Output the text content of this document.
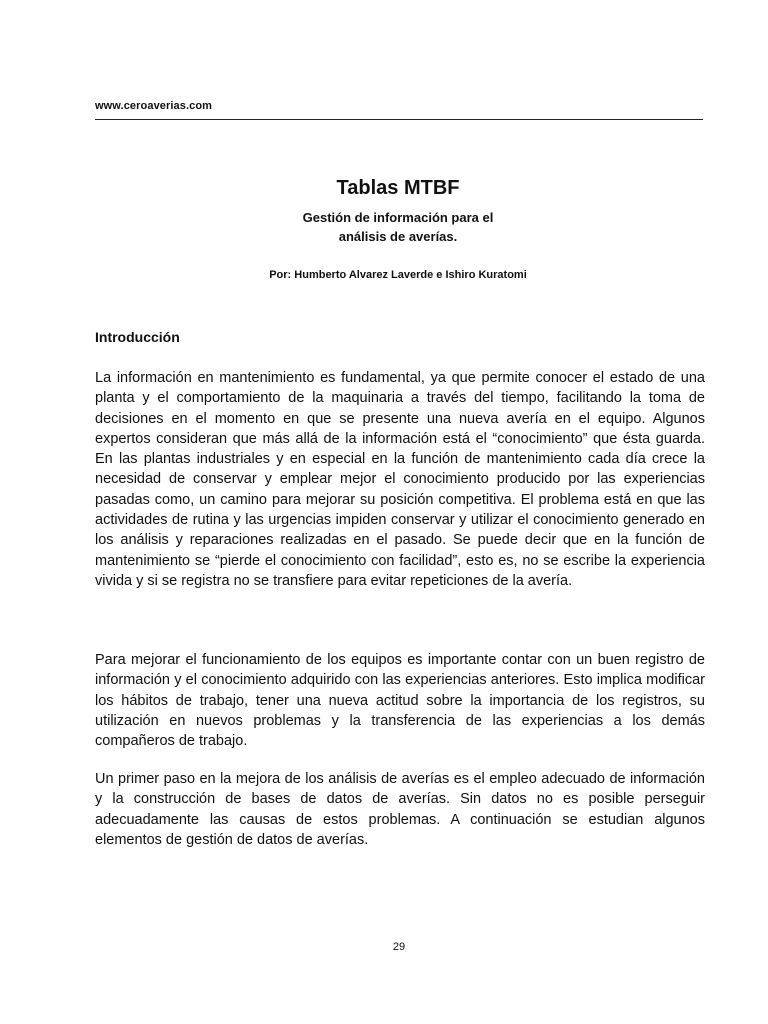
www.ceroaverias.com
Tablas MTBF
Gestión de información para el
análisis de averías.
Por: Humberto Alvarez Laverde e Ishiro Kuratomi
Introducción

La información en mantenimiento es fundamental, ya que permite conocer el estado de una planta y el comportamiento de la maquinaria a través del tiempo, facilitando la toma de decisiones en el momento en que se presente una nueva avería en el equipo. Algunos expertos consideran que más allá de la información está el “conocimiento” que ésta guarda. En las plantas industriales y en especial en la función de mantenimiento cada día crece la necesidad de conservar y emplear mejor el conocimiento producido por las experiencias pasadas como, un camino para mejorar su posición competitiva. El problema está en que las actividades de rutina y las urgencias impiden conservar y utilizar el conocimiento generado en los análisis y reparaciones realizadas en el pasado. Se puede decir que en la función de mantenimiento se “pierde el conocimiento con facilidad”, esto es, no se escribe la experiencia vivida y si se registra no se transfiere para evitar repeticiones de la avería.

Para mejorar el funcionamiento de los equipos es importante contar con un buen registro de información y el conocimiento adquirido con las experiencias anteriores. Esto implica modificar los hábitos de trabajo, tener una nueva actitud sobre la importancia de los registros, su utilización en nuevos problemas y la transferencia de las experiencias a los demás compañeros de trabajo.

Un primer paso en la mejora de los análisis de averías es el empleo adecuado de información y la construcción de bases de datos de averías. Sin datos no es posible perseguir adecuadamente las causas de estos problemas. A continuación se estudian algunos elementos de gestión de datos de averías.

29
